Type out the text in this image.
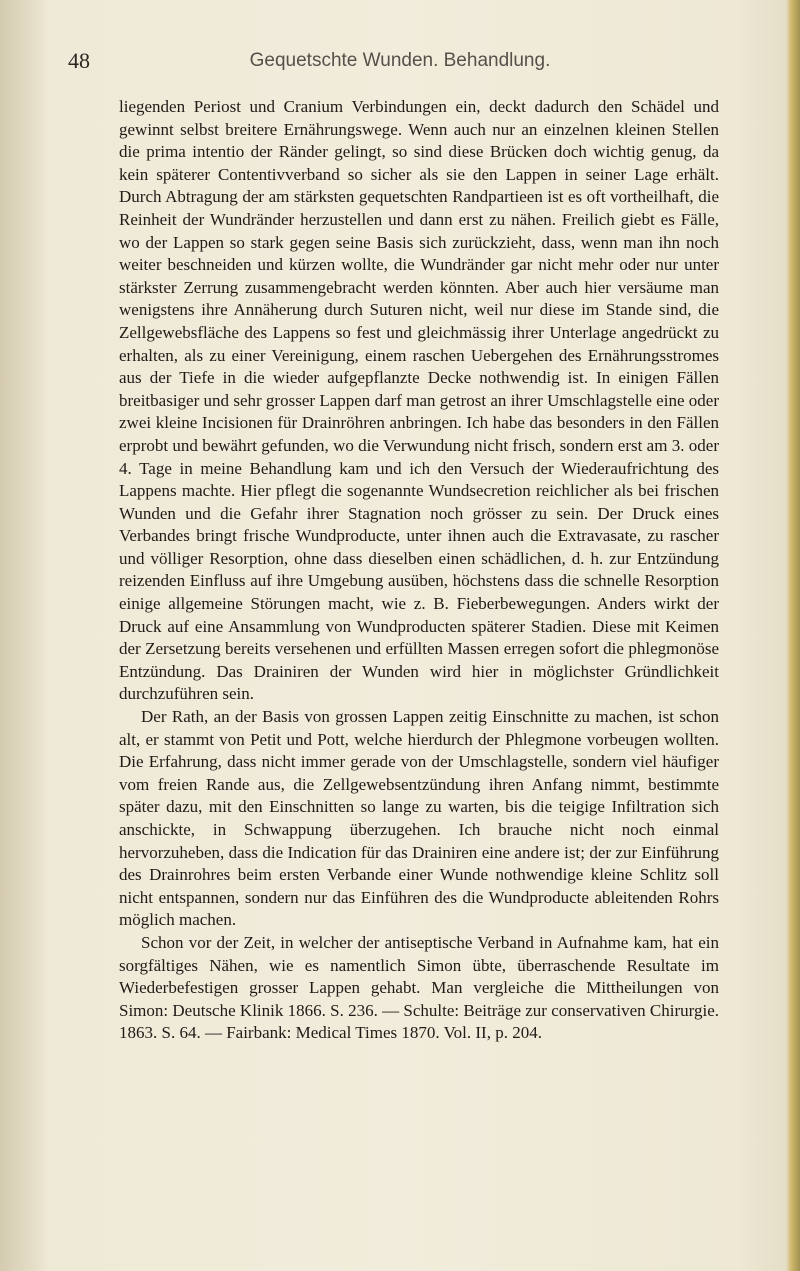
48	Gequetschte Wunden. Behandlung.

liegenden Periost und Cranium Verbindungen ein, deckt dadurch den Schädel und gewinnt selbst breitere Ernährungswege. Wenn auch nur an einzelnen kleinen Stellen die prima intentio der Ränder gelingt, so sind diese Brücken doch wichtig genug, da kein späterer Contentivverband so sicher als sie den Lappen in seiner Lage erhält. Durch Abtragung der am stärksten gequetschten Randpartieen ist es oft vortheilhaft, die Reinheit der Wundränder herzustellen und dann erst zu nähen. Freilich giebt es Fälle, wo der Lappen so stark gegen seine Basis sich zurückzieht, dass, wenn man ihn noch weiter beschneiden und kürzen wollte, die Wundränder gar nicht mehr oder nur unter stärkster Zerrung zusammengebracht werden könnten. Aber auch hier versäume man wenigstens ihre Annäherung durch Suturen nicht, weil nur diese im Stande sind, die Zellgewebsfläche des Lappens so fest und gleichmässig ihrer Unterlage angedrückt zu erhalten, als zu einer Vereinigung, einem raschen Uebergehen des Ernährungsstromes aus der Tiefe in die wieder aufgepflanzte Decke nothwendig ist. In einigen Fällen breitbasiger und sehr grosser Lappen darf man getrost an ihrer Umschlagstelle eine oder zwei kleine Incisionen für Drainröhren anbringen. Ich habe das besonders in den Fällen erprobt und bewährt gefunden, wo die Verwundung nicht frisch, sondern erst am 3. oder 4. Tage in meine Behandlung kam und ich den Versuch der Wiederaufrichtung des Lappens machte. Hier pflegt die sogenannte Wundsecretion reichlicher als bei frischen Wunden und die Gefahr ihrer Stagnation noch grösser zu sein. Der Druck eines Verbandes bringt frische Wundproducte, unter ihnen auch die Extravasate, zu rascher und völliger Resorption, ohne dass dieselben einen schädlichen, d. h. zur Entzündung reizenden Einfluss auf ihre Umgebung ausüben, höchstens dass die schnelle Resorption einige allgemeine Störungen macht, wie z. B. Fieberbewegungen. Anders wirkt der Druck auf eine Ansammlung von Wundproducten späterer Stadien. Diese mit Keimen der Zersetzung bereits versehenen und erfüllten Massen erregen sofort die phlegmonöse Entzündung. Das Drainiren der Wunden wird hier in möglichster Gründlichkeit durchzuführen sein.

Der Rath, an der Basis von grossen Lappen zeitig Einschnitte zu machen, ist schon alt, er stammt von Petit und Pott, welche hierdurch der Phlegmone vorbeugen wollten. Die Erfahrung, dass nicht immer gerade von der Umschlagstelle, sondern viel häufiger vom freien Rande aus, die Zellgewebsentzündung ihren Anfang nimmt, bestimmte später dazu, mit den Einschnitten so lange zu warten, bis die teigige Infiltration sich anschickte, in Schwappung überzugehen. Ich brauche nicht noch einmal hervorzuheben, dass die Indication für das Drainiren eine andere ist; der zur Einführung des Drainrohres beim ersten Verbande einer Wunde nothwendige kleine Schlitz soll nicht entspannen, sondern nur das Einführen des die Wundproducte ableitenden Rohrs möglich machen.

Schon vor der Zeit, in welcher der antiseptische Verband in Aufnahme kam, hat ein sorgfältiges Nähen, wie es namentlich Simon übte, überraschende Resultate im Wiederbefestigen grosser Lappen gehabt. Man vergleiche die Mittheilungen von Simon: Deutsche Klinik 1866. S. 236. — Schulte: Beiträge zur conservativen Chirurgie. 1863. S. 64. — Fairbank: Medical Times 1870. Vol. II, p. 204.
